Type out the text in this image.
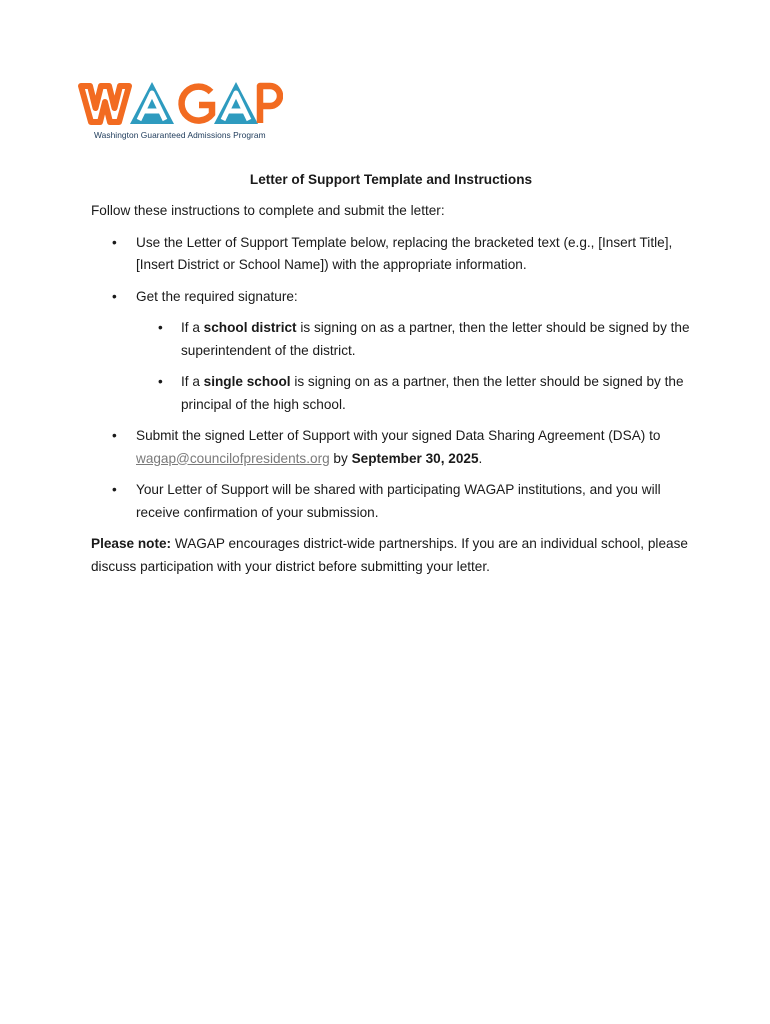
Washington Guaranteed Admissions Program
Letter of Support Template and Instructions

Follow these instructions to complete and submit the letter:

• Use the Letter of Support Template below, replacing the bracketed text (e.g., [Insert Title], [Insert District or School Name]) with the appropriate information.
• Get the required signature:
• If a school district is signing on as a partner, then the letter should be signed by the superintendent of the district.
• If a single school is signing on as a partner, then the letter should be signed by the principal of the high school.
• Submit the signed Letter of Support with your signed Data Sharing Agreement (DSA) to wagap@councilofpresidents.org by September 30, 2025.
• Your Letter of Support will be shared with participating WAGAP institutions, and you will receive confirmation of your submission.

Please note: WAGAP encourages district-wide partnerships. If you are an individual school, please discuss participation with your district before submitting your letter.
